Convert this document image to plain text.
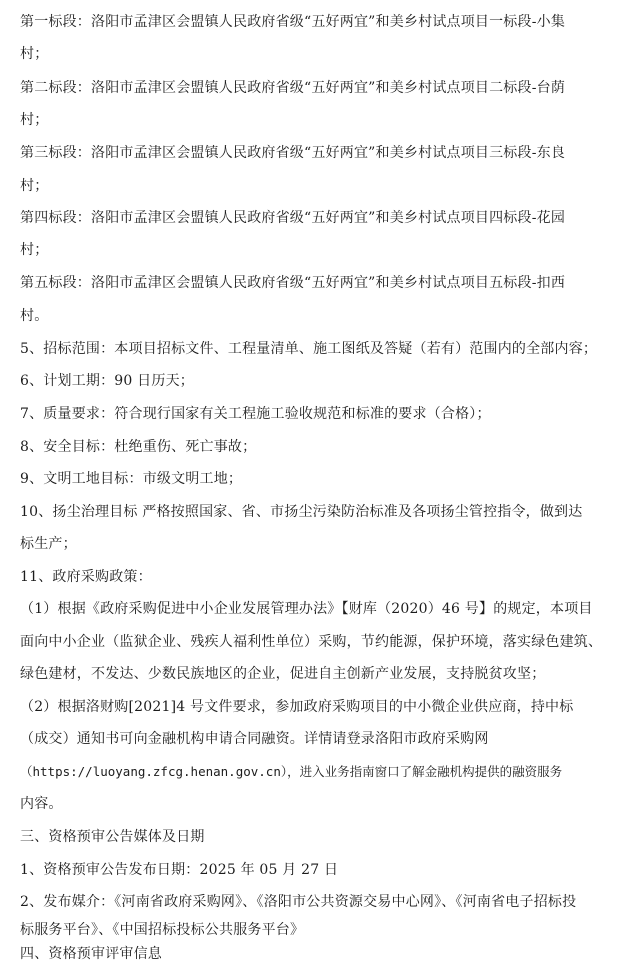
第一标段：洛阳市孟津区会盟镇人民政府省级“五好两宜”和美乡村试点项目一标段-小集
村；
第二标段：洛阳市孟津区会盟镇人民政府省级“五好两宜”和美乡村试点项目二标段-台荫
村；
第三标段：洛阳市孟津区会盟镇人民政府省级“五好两宜”和美乡村试点项目三标段-东良
村；
第四标段：洛阳市孟津区会盟镇人民政府省级“五好两宜”和美乡村试点项目四标段-花园
村；
第五标段：洛阳市孟津区会盟镇人民政府省级“五好两宜”和美乡村试点项目五标段-扣西
村。
5、招标范围：本项目招标文件、工程量清单、施工图纸及答疑（若有）范围内的全部内容；
6、计划工期：90 日历天；
7、质量要求：符合现行国家有关工程施工验收规范和标准的要求（合格）；
8、安全目标：杜绝重伤、死亡事故；
9、文明工地目标：市级文明工地；
10、扬尘治理目标 严格按照国家、省、市扬尘污染防治标准及各项扬尘管控指令，做到达
标生产；
11、政府采购政策：
（1）根据《政府采购促进中小企业发展管理办法》【财库（2020）46 号】的规定，本项目
面向中小企业（监狱企业、残疾人福利性单位）采购，节约能源，保护环境，落实绿色建筑、
绿色建材，不发达、少数民族地区的企业，促进自主创新产业发展，支持脱贫攻坚；
（2）根据洛财购[2021]4 号文件要求，参加政府采购项目的中小微企业供应商，持中标
（成交）通知书可向金融机构申请合同融资。详情请登录洛阳市政府采购网
（https://luoyang.zfcg.henan.gov.cn），进入业务指南窗口了解金融机构提供的融资服务
内容。
三、资格预审公告媒体及日期
1、资格预审公告发布日期：2025 年 05 月 27 日
2、发布媒介：《河南省政府采购网》、《洛阳市公共资源交易中心网》、《河南省电子招标投
标服务平台》、《中国招标投标公共服务平台》
四、资格预审评审信息
